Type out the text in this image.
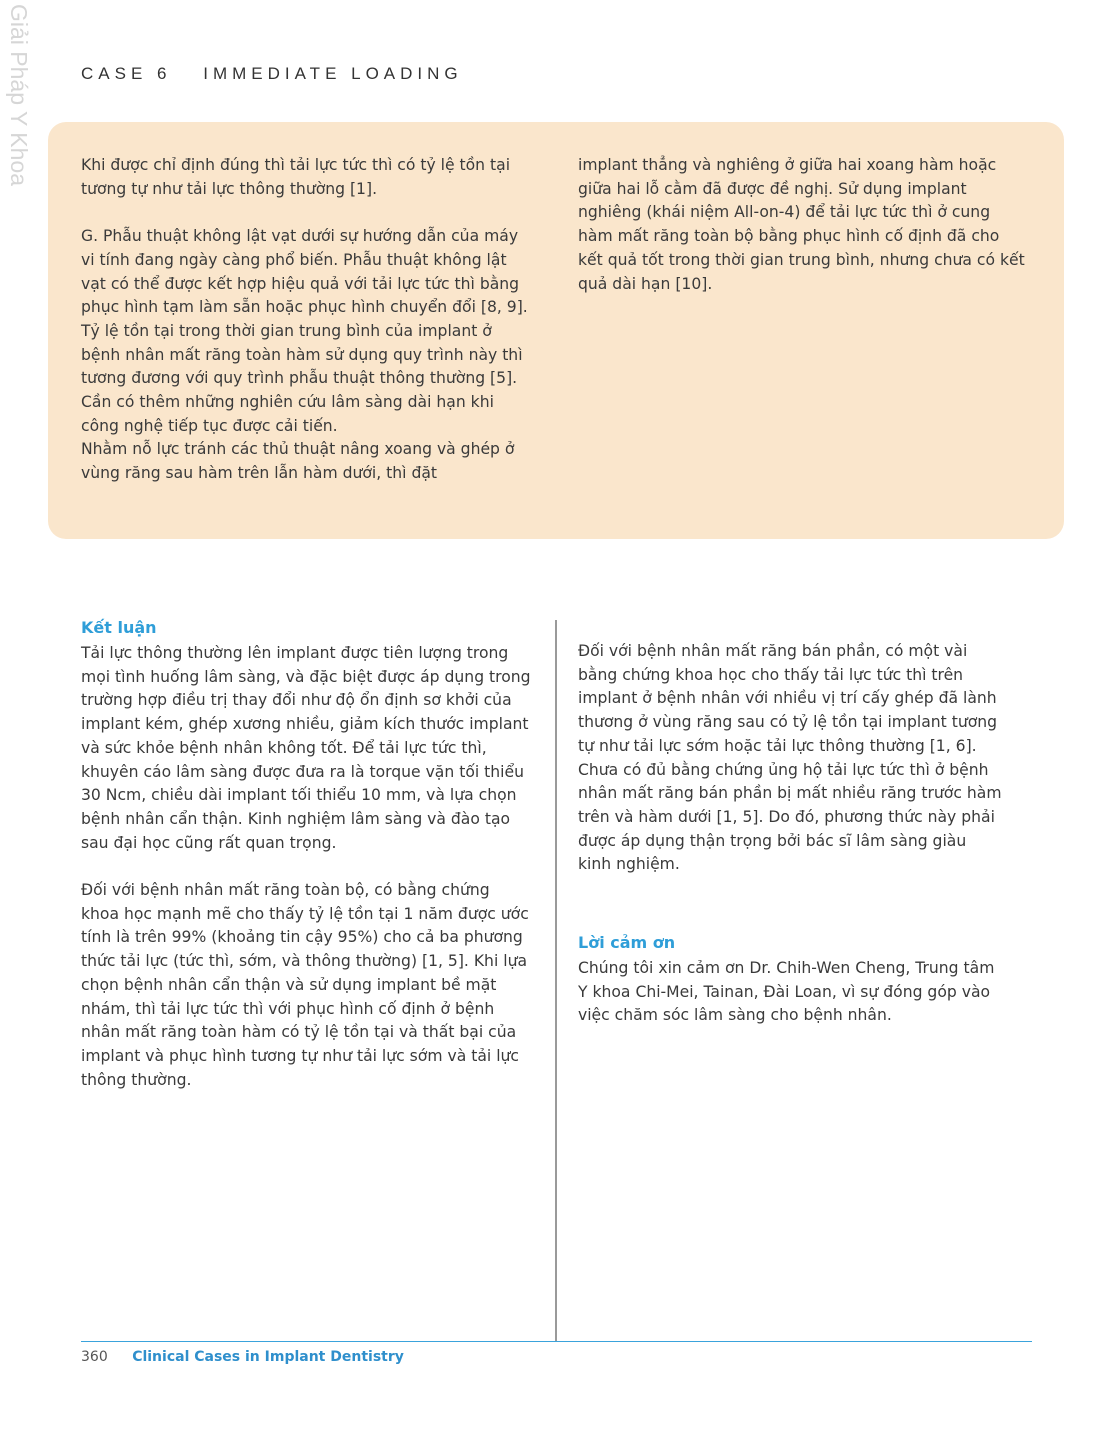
Giải Pháp Y Khoa	CASE 6 IMMEDIATE LOADING

Khi được chỉ định đúng thì tải lực tức thì có tỷ lệ tồn tại tương tự như tải lực thông thường [1].

G. Phẫu thuật không lật vạt dưới sự hướng dẫn của máy vi tính đang ngày càng phổ biến. Phẫu thuật không lật vạt có thể được kết hợp hiệu quả với tải lực tức thì bằng phục hình tạm làm sẵn hoặc phục hình chuyển đổi [8, 9]. Tỷ lệ tồn tại trong thời gian trung bình của implant ở bệnh nhân mất răng toàn hàm sử dụng quy trình này thì tương đương với quy trình phẫu thuật thông thường [5]. Cần có thêm những nghiên cứu lâm sàng dài hạn khi công nghệ tiếp tục được cải tiến.

Nhằm nỗ lực tránh các thủ thuật nâng xoang và ghép ở vùng răng sau hàm trên lẫn hàm dưới, thì đặt

implant thẳng và nghiêng ở giữa hai xoang hàm hoặc giữa hai lỗ cằm đã được đề nghị. Sử dụng implant nghiêng (khái niệm All-on-4) để tải lực tức thì ở cung hàm mất răng toàn bộ bằng phục hình cố định đã cho kết quả tốt trong thời gian trung bình, nhưng chưa có kết quả dài hạn [10].

Kết luận

Tải lực thông thường lên implant được tiên lượng trong mọi tình huống lâm sàng, và đặc biệt được áp dụng trong trường hợp điều trị thay đổi như độ ổn định sơ khởi của implant kém, ghép xương nhiều, giảm kích thước implant và sức khỏe bệnh nhân không tốt. Để tải lực tức thì, khuyên cáo lâm sàng được đưa ra là torque vặn tối thiểu 30 Ncm, chiều dài implant tối thiểu 10 mm, và lựa chọn bệnh nhân cẩn thận. Kinh nghiệm lâm sàng và đào tạo sau đại học cũng rất quan trọng.

Đối với bệnh nhân mất răng toàn bộ, có bằng chứng khoa học mạnh mẽ cho thấy tỷ lệ tồn tại 1 năm được ước tính là trên 99% (khoảng tin cậy 95%) cho cả ba phương thức tải lực (tức thì, sớm, và thông thường) [1, 5]. Khi lựa chọn bệnh nhân cẩn thận và sử dụng implant bề mặt nhám, thì tải lực tức thì với phục hình cố định ở bệnh nhân mất răng toàn hàm có tỷ lệ tồn tại và thất bại của implant và phục hình tương tự như tải lực sớm và tải lực thông thường.

Đối với bệnh nhân mất răng bán phần, có một vài bằng chứng khoa học cho thấy tải lực tức thì trên implant ở bệnh nhân với nhiều vị trí cấy ghép đã lành thương ở vùng răng sau có tỷ lệ tồn tại implant tương tự như tải lực sớm hoặc tải lực thông thường [1, 6]. Chưa có đủ bằng chứng ủng hộ tải lực tức thì ở bệnh nhân mất răng bán phần bị mất nhiều răng trước hàm trên và hàm dưới [1, 5]. Do đó, phương thức này phải được áp dụng thận trọng bởi bác sĩ lâm sàng giàu kinh nghiệm.

Lời cảm ơn

Chúng tôi xin cảm ơn Dr. Chih-Wen Cheng, Trung tâm Y khoa Chi-Mei, Tainan, Đài Loan, vì sự đóng góp vào việc chăm sóc lâm sàng cho bệnh nhân.

360 Clinical Cases in Implant Dentistry
